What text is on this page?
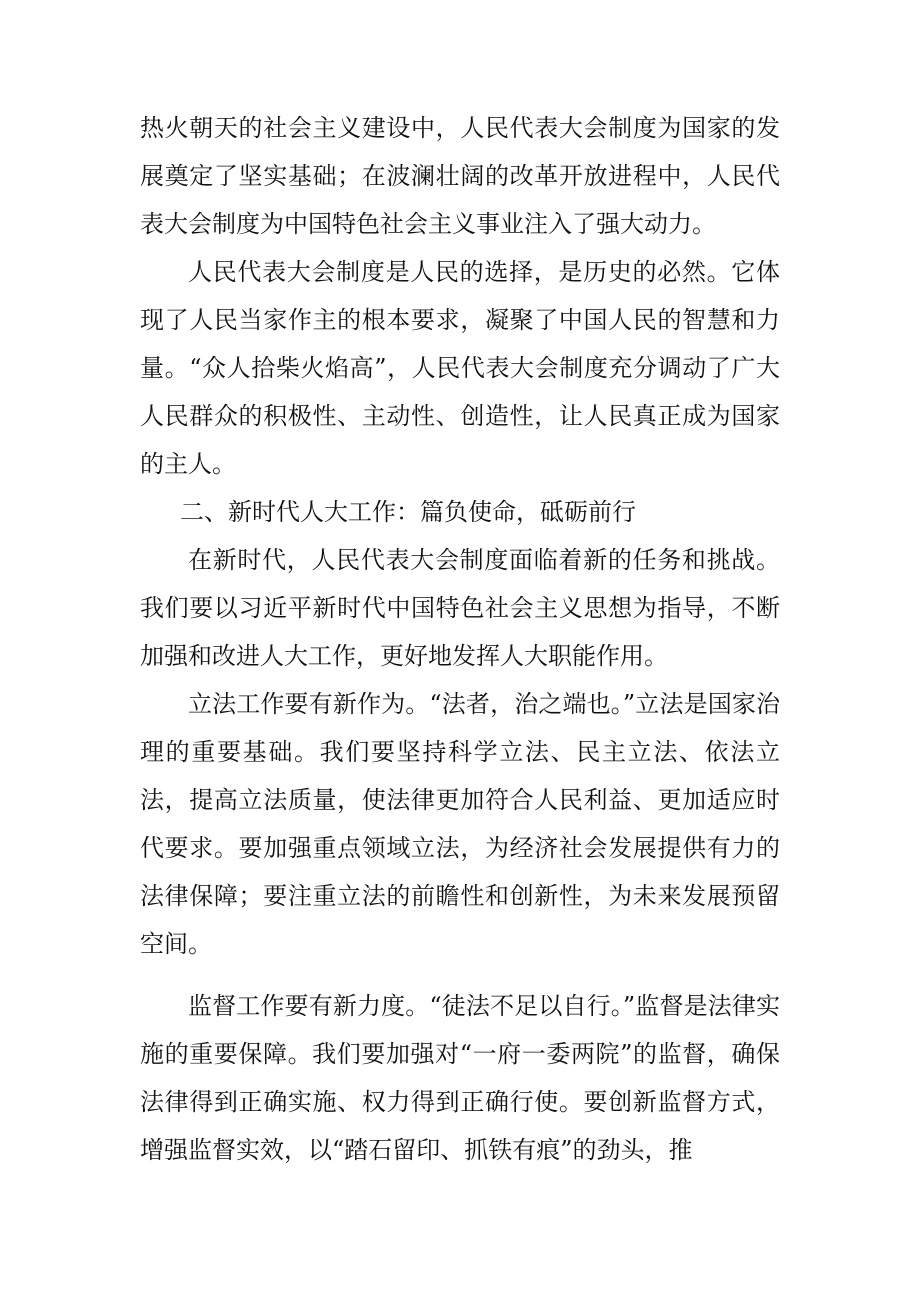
热火朝天的社会主义建设中，人民代表大会制度为国家的发展奠定了坚实基础；在波澜壮阔的改革开放进程中，人民代表大会制度为中国特色社会主义事业注入了强大动力。

人民代表大会制度是人民的选择，是历史的必然。它体现了人民当家作主的根本要求，凝聚了中国人民的智慧和力量。“众人拾柴火焰高”，人民代表大会制度充分调动了广大人民群众的积极性、主动性、创造性，让人民真正成为国家的主人。

二、新时代人大工作：篇负使命，砥砺前行

在新时代，人民代表大会制度面临着新的任务和挑战。我们要以习近平新时代中国特色社会主义思想为指导，不断加强和改进人大工作，更好地发挥人大职能作用。

立法工作要有新作为。“法者，治之端也。”立法是国家治理的重要基础。我们要坚持科学立法、民主立法、依法立法，提高立法质量，使法律更加符合人民利益、更加适应时代要求。要加强重点领域立法，为经济社会发展提供有力的法律保障；要注重立法的前瞻性和创新性，为未来发展预留空间。

监督工作要有新力度。“徒法不足以自行。”监督是法律实施的重要保障。我们要加强对“一府一委两院”的监督，确保法律得到正确实施、权力得到正确行使。要创新监督方式，增强监督实效，以“踏石留印、抓铁有痕”的劲头，推
